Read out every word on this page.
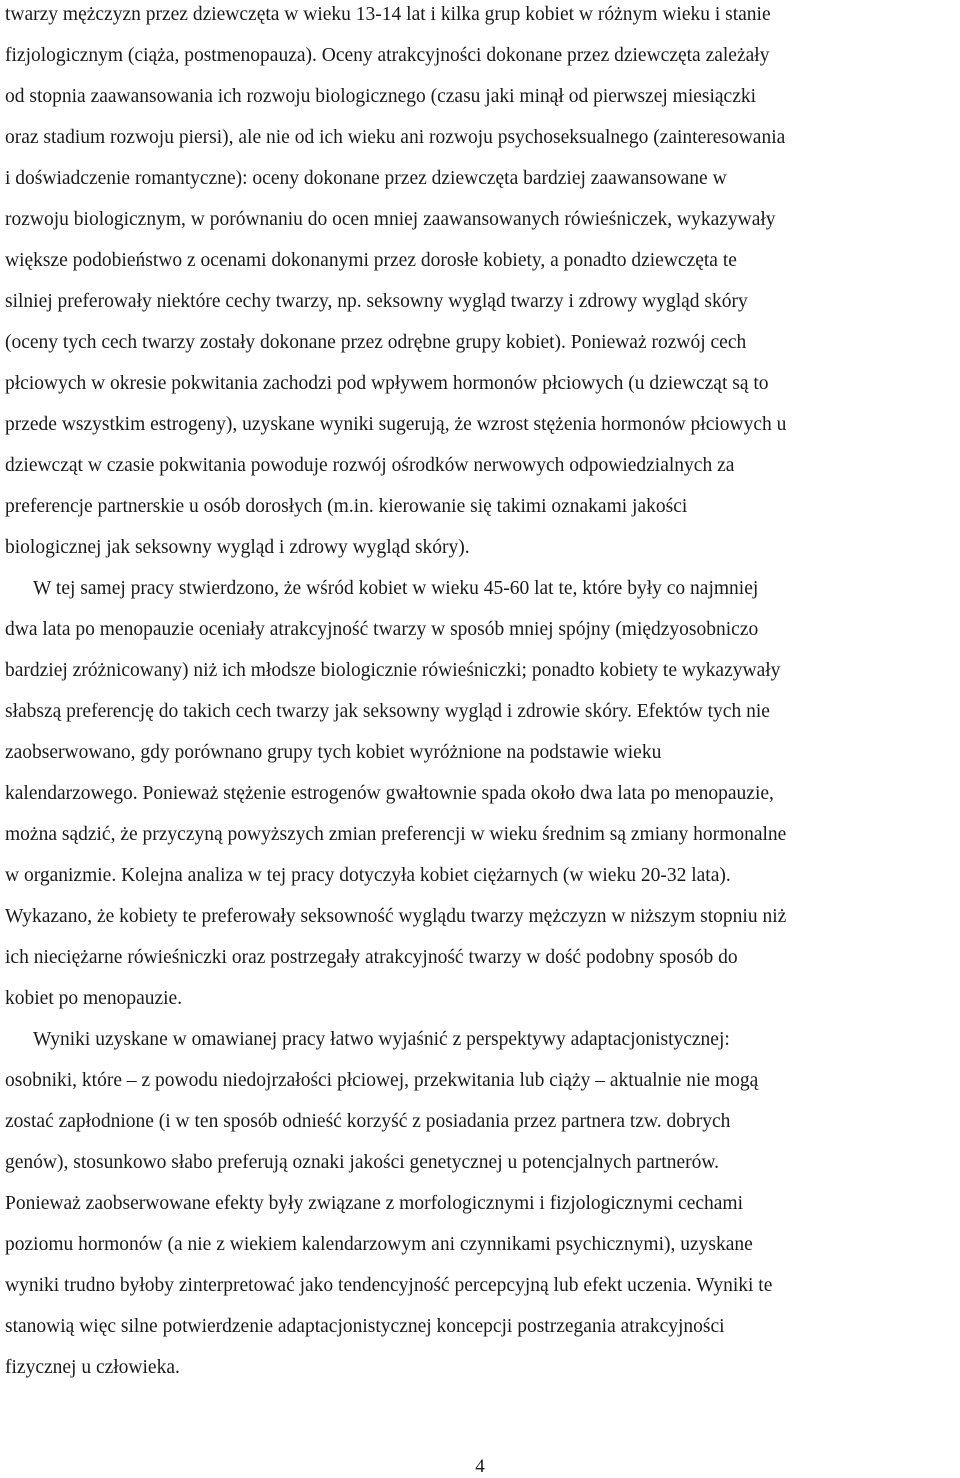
twarzy mężczyzn przez dziewczęta w wieku 13-14 lat i kilka grup kobiet w różnym wieku i stanie
fizjologicznym (ciąża, postmenopauza). Oceny atrakcyjności dokonane przez dziewczęta zależały
od stopnia zaawansowania ich rozwoju biologicznego (czasu jaki minął od pierwszej miesiączki
oraz stadium rozwoju piersi), ale nie od ich wieku ani rozwoju psychoseksualnego (zainteresowania
i doświadczenie romantyczne): oceny dokonane przez dziewczęta bardziej zaawansowane w
rozwoju biologicznym, w porównaniu do ocen mniej zaawansowanych rówieśniczek, wykazywały
większe podobieństwo z ocenami dokonanymi przez dorosłe kobiety, a ponadto dziewczęta te
silniej preferowały niektóre cechy twarzy, np. seksowny wygląd twarzy i zdrowy wygląd skóry
(oceny tych cech twarzy zostały dokonane przez odrębne grupy kobiet). Ponieważ rozwój cech
płciowych w okresie pokwitania zachodzi pod wpływem hormonów płciowych (u dziewcząt są to
przede wszystkim estrogeny), uzyskane wyniki sugerują, że wzrost stężenia hormonów płciowych u
dziewcząt w czasie pokwitania powoduje rozwój ośrodków nerwowych odpowiedzialnych za
preferencje partnerskie u osób dorosłych (m.in. kierowanie się takimi oznakami jakości
biologicznej jak seksowny wygląd i zdrowy wygląd skóry).
W tej samej pracy stwierdzono, że wśród kobiet w wieku 45-60 lat te, które były co najmniej
dwa lata po menopauzie oceniały atrakcyjność twarzy w sposób mniej spójny (międzyosobniczo
bardziej zróżnicowany) niż ich młodsze biologicznie rówieśniczki; ponadto kobiety te wykazywały
słabszą preferencję do takich cech twarzy jak seksowny wygląd i zdrowie skóry. Efektów tych nie
zaobserwowano, gdy porównano grupy tych kobiet wyróżnione na podstawie wieku
kalendarzowego. Ponieważ stężenie estrogenów gwałtownie spada około dwa lata po menopauzie,
można sądzić, że przyczyną powyższych zmian preferencji w wieku średnim są zmiany hormonalne
w organizmie. Kolejna analiza w tej pracy dotyczyła kobiet ciężarnych (w wieku 20-32 lata).
Wykazano, że kobiety te preferowały seksowność wyglądu twarzy mężczyzn w niższym stopniu niż
ich nieciężarne rówieśniczki oraz postrzegały atrakcyjność twarzy w dość podobny sposób do
kobiet po menopauzie.
Wyniki uzyskane w omawianej pracy łatwo wyjaśnić z perspektywy adaptacjonistycznej:
osobniki, które – z powodu niedojrzałości płciowej, przekwitania lub ciąży – aktualnie nie mogą
zostać zapłodnione (i w ten sposób odnieść korzyść z posiadania przez partnera tzw. dobrych
genów), stosunkowo słabo preferują oznaki jakości genetycznej u potencjalnych partnerów.
Ponieważ zaobserwowane efekty były związane z morfologicznymi i fizjologicznymi cechami
poziomu hormonów (a nie z wiekiem kalendarzowym ani czynnikami psychicznymi), uzyskane
wyniki trudno byłoby zinterpretować jako tendencyjność percepcyjną lub efekt uczenia. Wyniki te
stanowią więc silne potwierdzenie adaptacjonistycznej koncepcji postrzegania atrakcyjności
fizycznej u człowieka.
4
